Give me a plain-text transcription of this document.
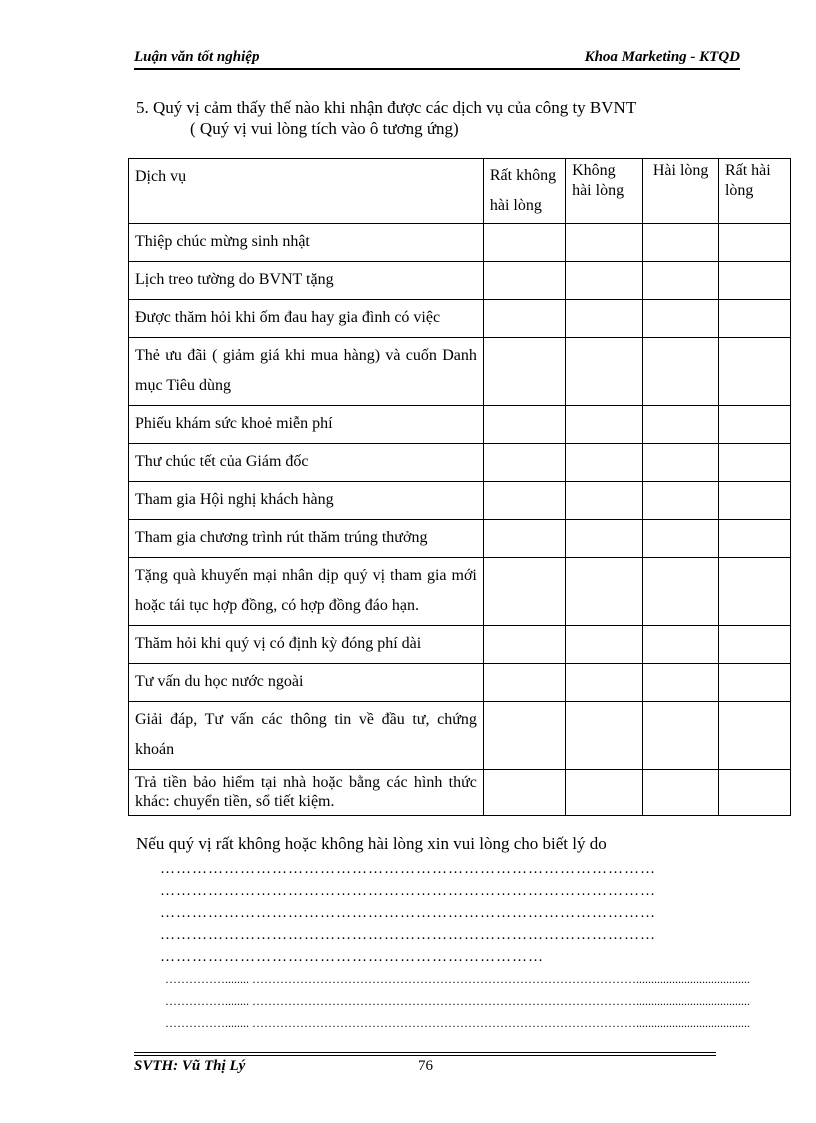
Luận văn tốt nghiệp	Khoa Marketing - KTQD
5. Quý vị cảm thấy thế nào khi nhận được các dịch vụ của công ty BVNT
( Quý vị vui lòng tích vào ô tương ứng)
Dịch vụ	Rất không hài lòng	Không hài lòng	Hài lòng	Rất hài lòng
Thiệp chúc mừng sinh nhật				
Lịch treo tường do BVNT tặng				
Được thăm hỏi khi ốm đau hay gia đình có việc				
Thẻ ưu đãi ( giảm giá khi mua hàng) và cuốn Danh mục Tiêu dùng				
Phiếu khám sức khoẻ miễn phí				
Thư chúc tết của Giám đốc				
Tham gia Hội nghị khách hàng				
Tham gia chương trình rút thăm trúng thưởng				
Tặng quà khuyến mại nhân dịp quý vị tham gia mới hoặc tái tục hợp đồng, có hợp đồng đáo hạn.				
Thăm hỏi khi quý vị có định kỳ đóng phí dài				
Tư vấn du học nước ngoài				
Giải đáp, Tư vấn các thông tin về đầu tư, chứng khoán				
Trả tiền bảo hiểm tại nhà hoặc bằng các hình thức khác: chuyển tiền, sổ tiết kiệm.				
Nếu quý vị rất không hoặc không hài lòng xin vui lòng cho biết lý do
…………………………………………………………………………………
…………………………………………………………………………………
…………………………………………………………………………………
…………………………………………………………………………………
………………………………………………………………
……………........ ……………………………………………………………………………………......................................
……………........ ……………………………………………………………………………………......................................
……………........ ……………………………………………………………………………………......................................
SVTH: Vũ Thị Lý	76
